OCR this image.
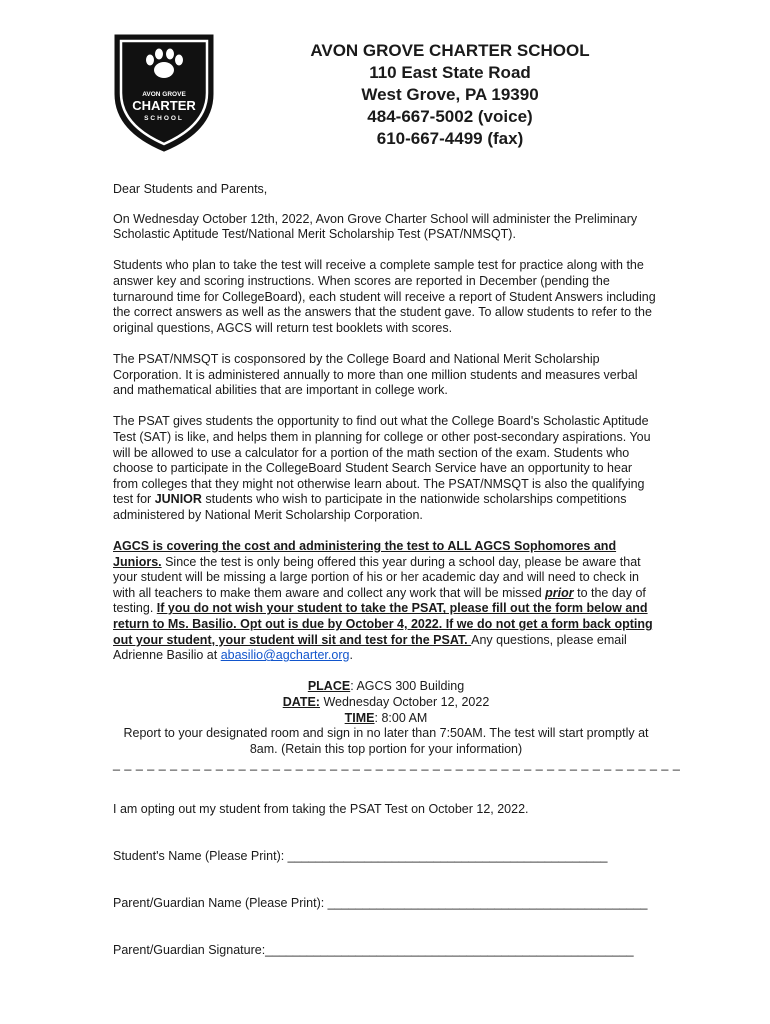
AVON GROVE
CHARTER
SCHOOL
AVON GROVE CHARTER SCHOOL
110 East State Road
West Grove, PA 19390
484-667-5002 (voice)
610-667-4499 (fax)

Dear Students and Parents,

On Wednesday October 12th, 2022, Avon Grove Charter School will administer the Preliminary Scholastic Aptitude Test/National Merit Scholarship Test (PSAT/NMSQT).

Students who plan to take the test will receive a complete sample test for practice along with the answer key and scoring instructions. When scores are reported in December (pending the turnaround time for CollegeBoard), each student will receive a report of Student Answers including the correct answers as well as the answers that the student gave. To allow students to refer to the original questions, AGCS will return test booklets with scores.

The PSAT/NMSQT is cosponsored by the College Board and National Merit Scholarship Corporation. It is administered annually to more than one million students and measures verbal and mathematical abilities that are important in college work.

The PSAT gives students the opportunity to find out what the College Board's Scholastic Aptitude Test (SAT) is like, and helps them in planning for college or other post-secondary aspirations. You will be allowed to use a calculator for a portion of the math section of the exam. Students who choose to participate in the CollegeBoard Student Search Service have an opportunity to hear from colleges that they might not otherwise learn about. The PSAT/NMSQT is also the qualifying test for JUNIOR students who wish to participate in the nationwide scholarships competitions administered by National Merit Scholarship Corporation.

AGCS is covering the cost and administering the test to ALL AGCS Sophomores and Juniors. Since the test is only being offered this year during a school day, please be aware that your student will be missing a large portion of his or her academic day and will need to check in with all teachers to make them aware and collect any work that will be missed prior to the day of testing. If you do not wish your student to take the PSAT, please fill out the form below and return to Ms. Basilio. Opt out is due by October 4, 2022. If we do not get a form back opting out your student, your student will sit and test for the PSAT. Any questions, please email Adrienne Basilio at abasilio@agcharter.org.

PLACE: AGCS 300 Building
DATE: Wednesday October 12, 2022
TIME: 8:00 AM
Report to your designated room and sign in no later than 7:50AM. The test will start promptly at 8am. (Retain this top portion for your information)
_ _ _ _ _ _ _ _ _ _ _ _ _ _ _ _ _ _ _ _ _ _ _ _ _ _ _ _ _ _ _ _ _ _ _ _ _ _ _ _ _ _ _ _ _ _ _ _ _ _
I am opting out my student from taking the PSAT Test on October 12, 2022.
Student's Name (Please Print): ______________________________________________
Parent/Guardian Name (Please Print): ______________________________________________
Parent/Guardian Signature:_____________________________________________________
